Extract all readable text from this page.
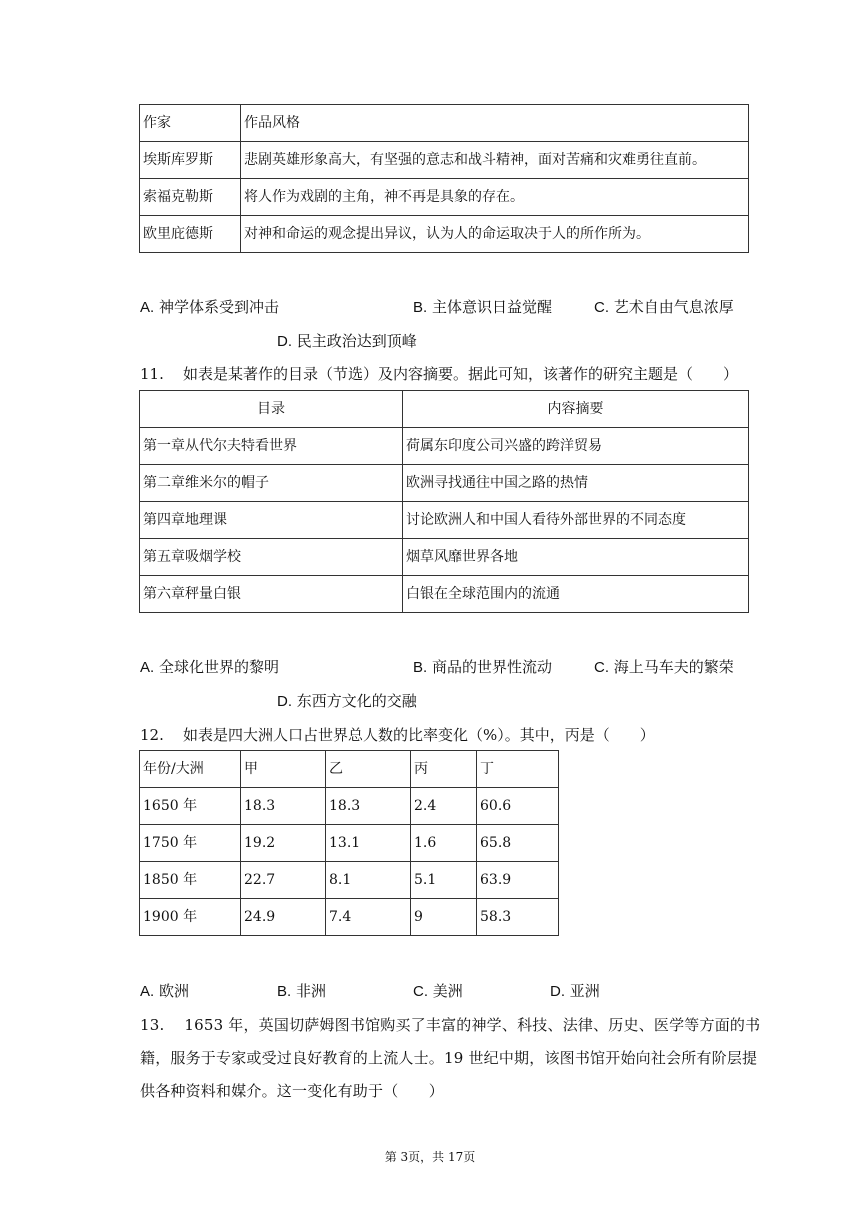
作家	作品风格
埃斯库罗斯	悲剧英雄形象高大，有坚强的意志和战斗精神，面对苦痛和灾难勇往直前。
索福克勒斯	将人作为戏剧的主角，神不再是具象的存在。
欧里庇德斯	对神和命运的观念提出异议，认为人的命运取决于人的所作所为。
A. 神学体系受到冲击	B. 主体意识日益觉醒	C. 艺术自由气息浓厚
D. 民主政治达到顶峰
11. 如表是某著作的目录（节选）及内容摘要。据此可知，该著作的研究主题是（　　）
目录	内容摘要
第一章从代尔夫特看世界	荷属东印度公司兴盛的跨洋贸易
第二章维米尔的帽子	欧洲寻找通往中国之路的热情
第四章地理课	讨论欧洲人和中国人看待外部世界的不同态度
第五章吸烟学校	烟草风靡世界各地
第六章秤量白银	白银在全球范围内的流通
A. 全球化世界的黎明	B. 商品的世界性流动	C. 海上马车夫的繁荣
D. 东西方文化的交融
12. 如表是四大洲人口占世界总人数的比率变化（%）。其中，丙是（　　）
年份/大洲	甲	乙	丙	丁
1650 年	18.3	18.3	2.4	60.6
1750 年	19.2	13.1	1.6	65.8
1850 年	22.7	8.1	5.1	63.9
1900 年	24.9	7.4	9	58.3
A. 欧洲	B. 非洲	C. 美洲	D. 亚洲
13. 1653 年，英国切萨姆图书馆购买了丰富的神学、科技、法律、历史、医学等方面的书
籍，服务于专家或受过良好教育的上流人士。19 世纪中期，该图书馆开始向社会所有阶层提
供各种资料和媒介。这一变化有助于（　　）
第 3页，共 17页
